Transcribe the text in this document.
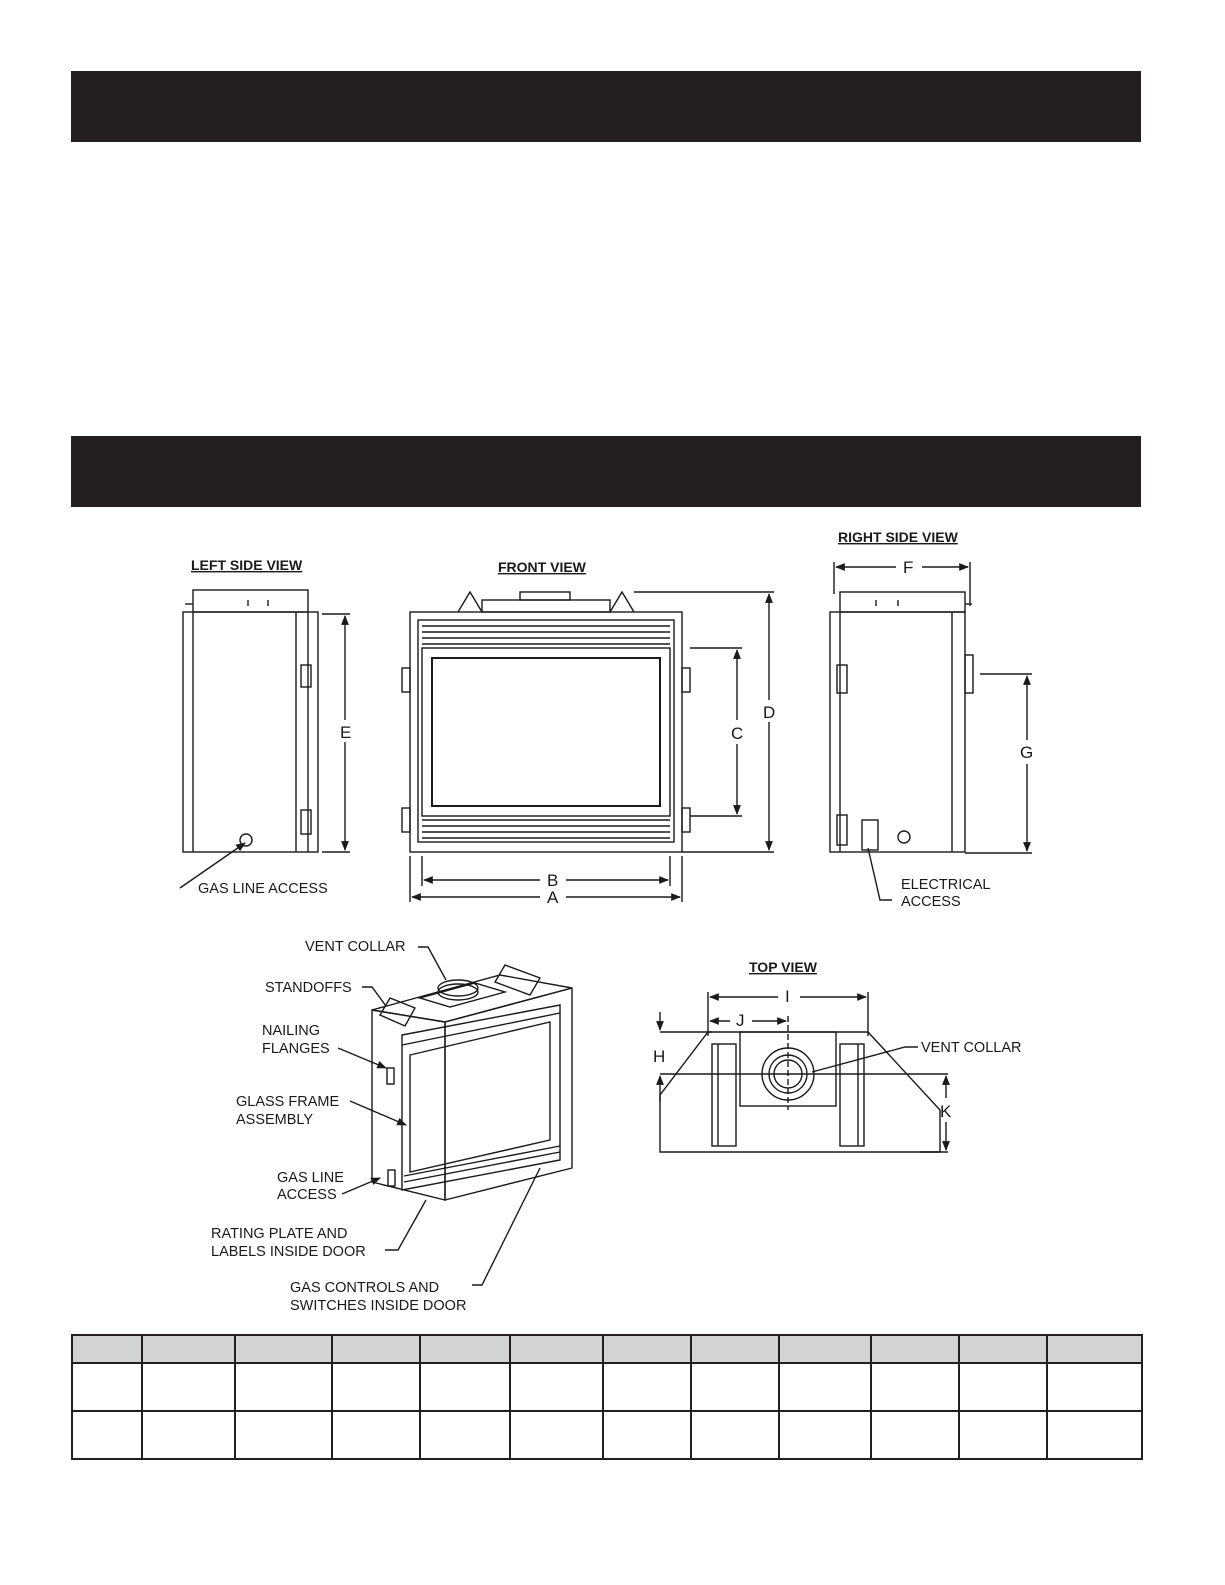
LEFT SIDE VIEW	FRONT VIEW
RIGHT SIDE VIEW
TOP VIEW
E	C
D
B
A
F
G
I
J
H
K
GAS LINE ACCESS	ELECTRICAL
ACCESS
VENT COLLAR
STANDOFFS
NAILING
FLANGES
GLASS FRAME
ASSEMBLY
GAS LINE
ACCESS
RATING PLATE AND
LABELS INSIDE DOOR
GAS CONTROLS AND
SWITCHES INSIDE DOOR
VENT COLLAR
